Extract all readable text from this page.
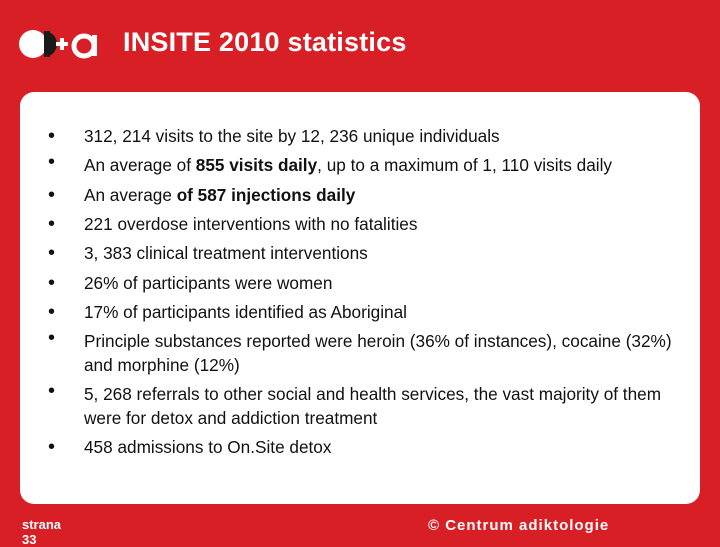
INSITE 2010 statistics
• 312, 214 visits to the site by 12, 236 unique individuals
• An average of 855 visits daily, up to a maximum of 1, 110 visits daily
• An average of 587 injections daily
• 221 overdose interventions with no fatalities
• 3, 383 clinical treatment interventions
• 26% of participants were women
• 17% of participants identified as Aboriginal
• Principle substances reported were heroin (36% of instances), cocaine (32%) and morphine (12%)
• 5, 268 referrals to other social and health services, the vast majority of them were for detox and addiction treatment
• 458 admissions to On.Site detox
strana
33
© Centrum adiktologie
